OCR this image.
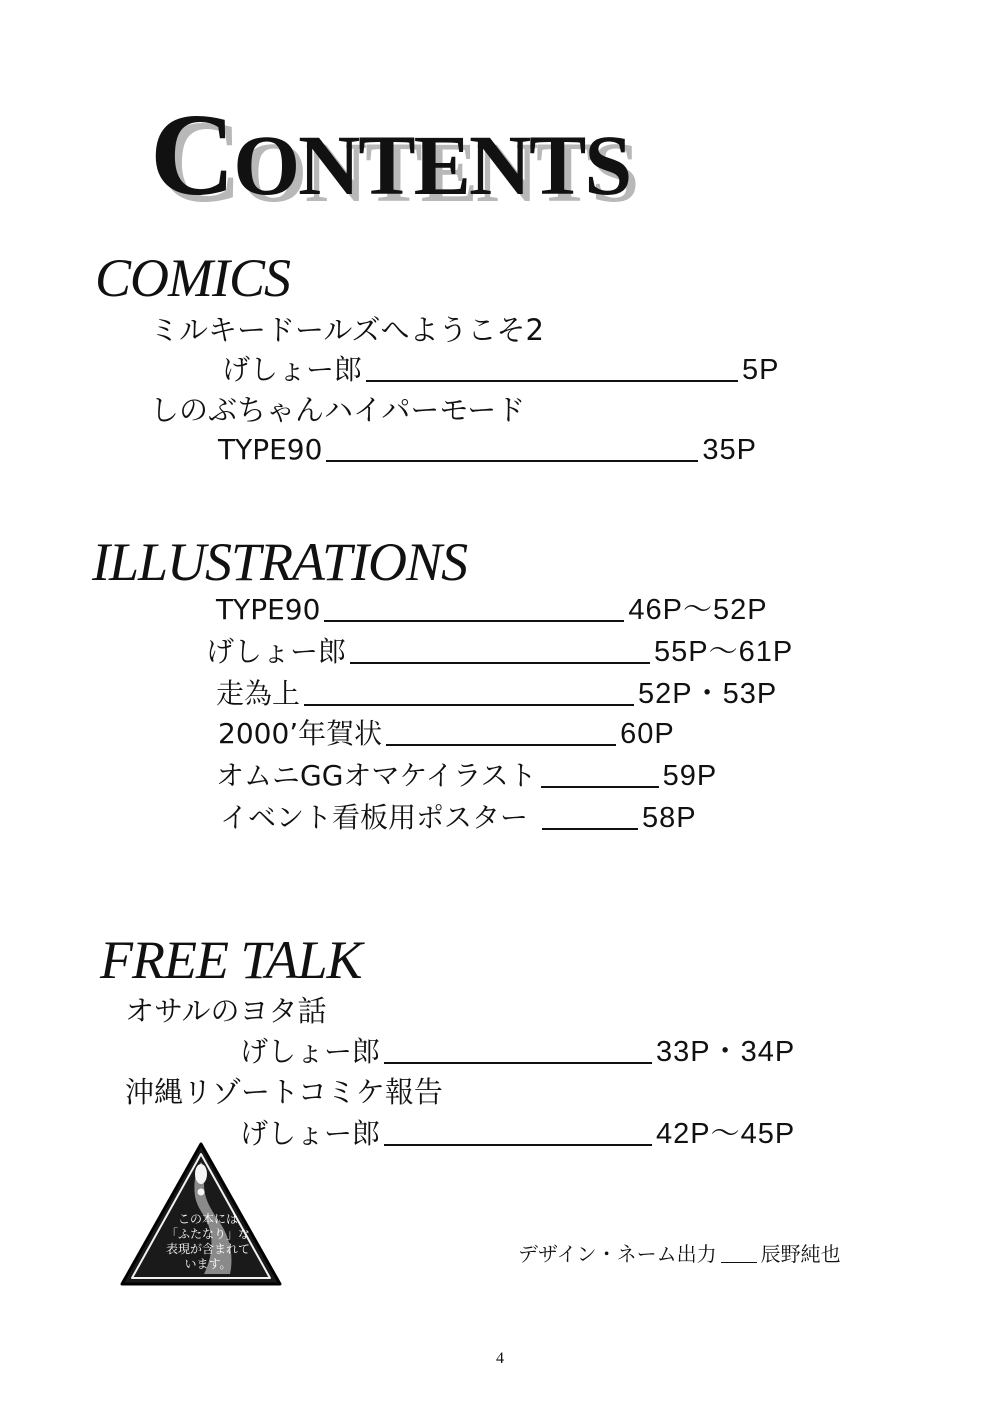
CONTENTS
COMICS
ミルキードールズへようこそ2
げしょー郎	5P
しのぶちゃんハイパーモード
TYPE90	35P
ILLUSTRATIONS
TYPE90	46P〜52P
げしょー郎	55P〜61P
走為上	52P・53P
2000’年賀状	60P
オムニGGオマケイラスト	59P
イベント看板用ポスター	58P
FREE TALK
オサルのヨタ話
げしょー郎	33P・34P
沖縄リゾートコミケ報告
げしょー郎	42P〜45P
この本には
「ふたなり」な
表現が含まれて
います。	デザイン・ネーム出力 辰野純也
4
